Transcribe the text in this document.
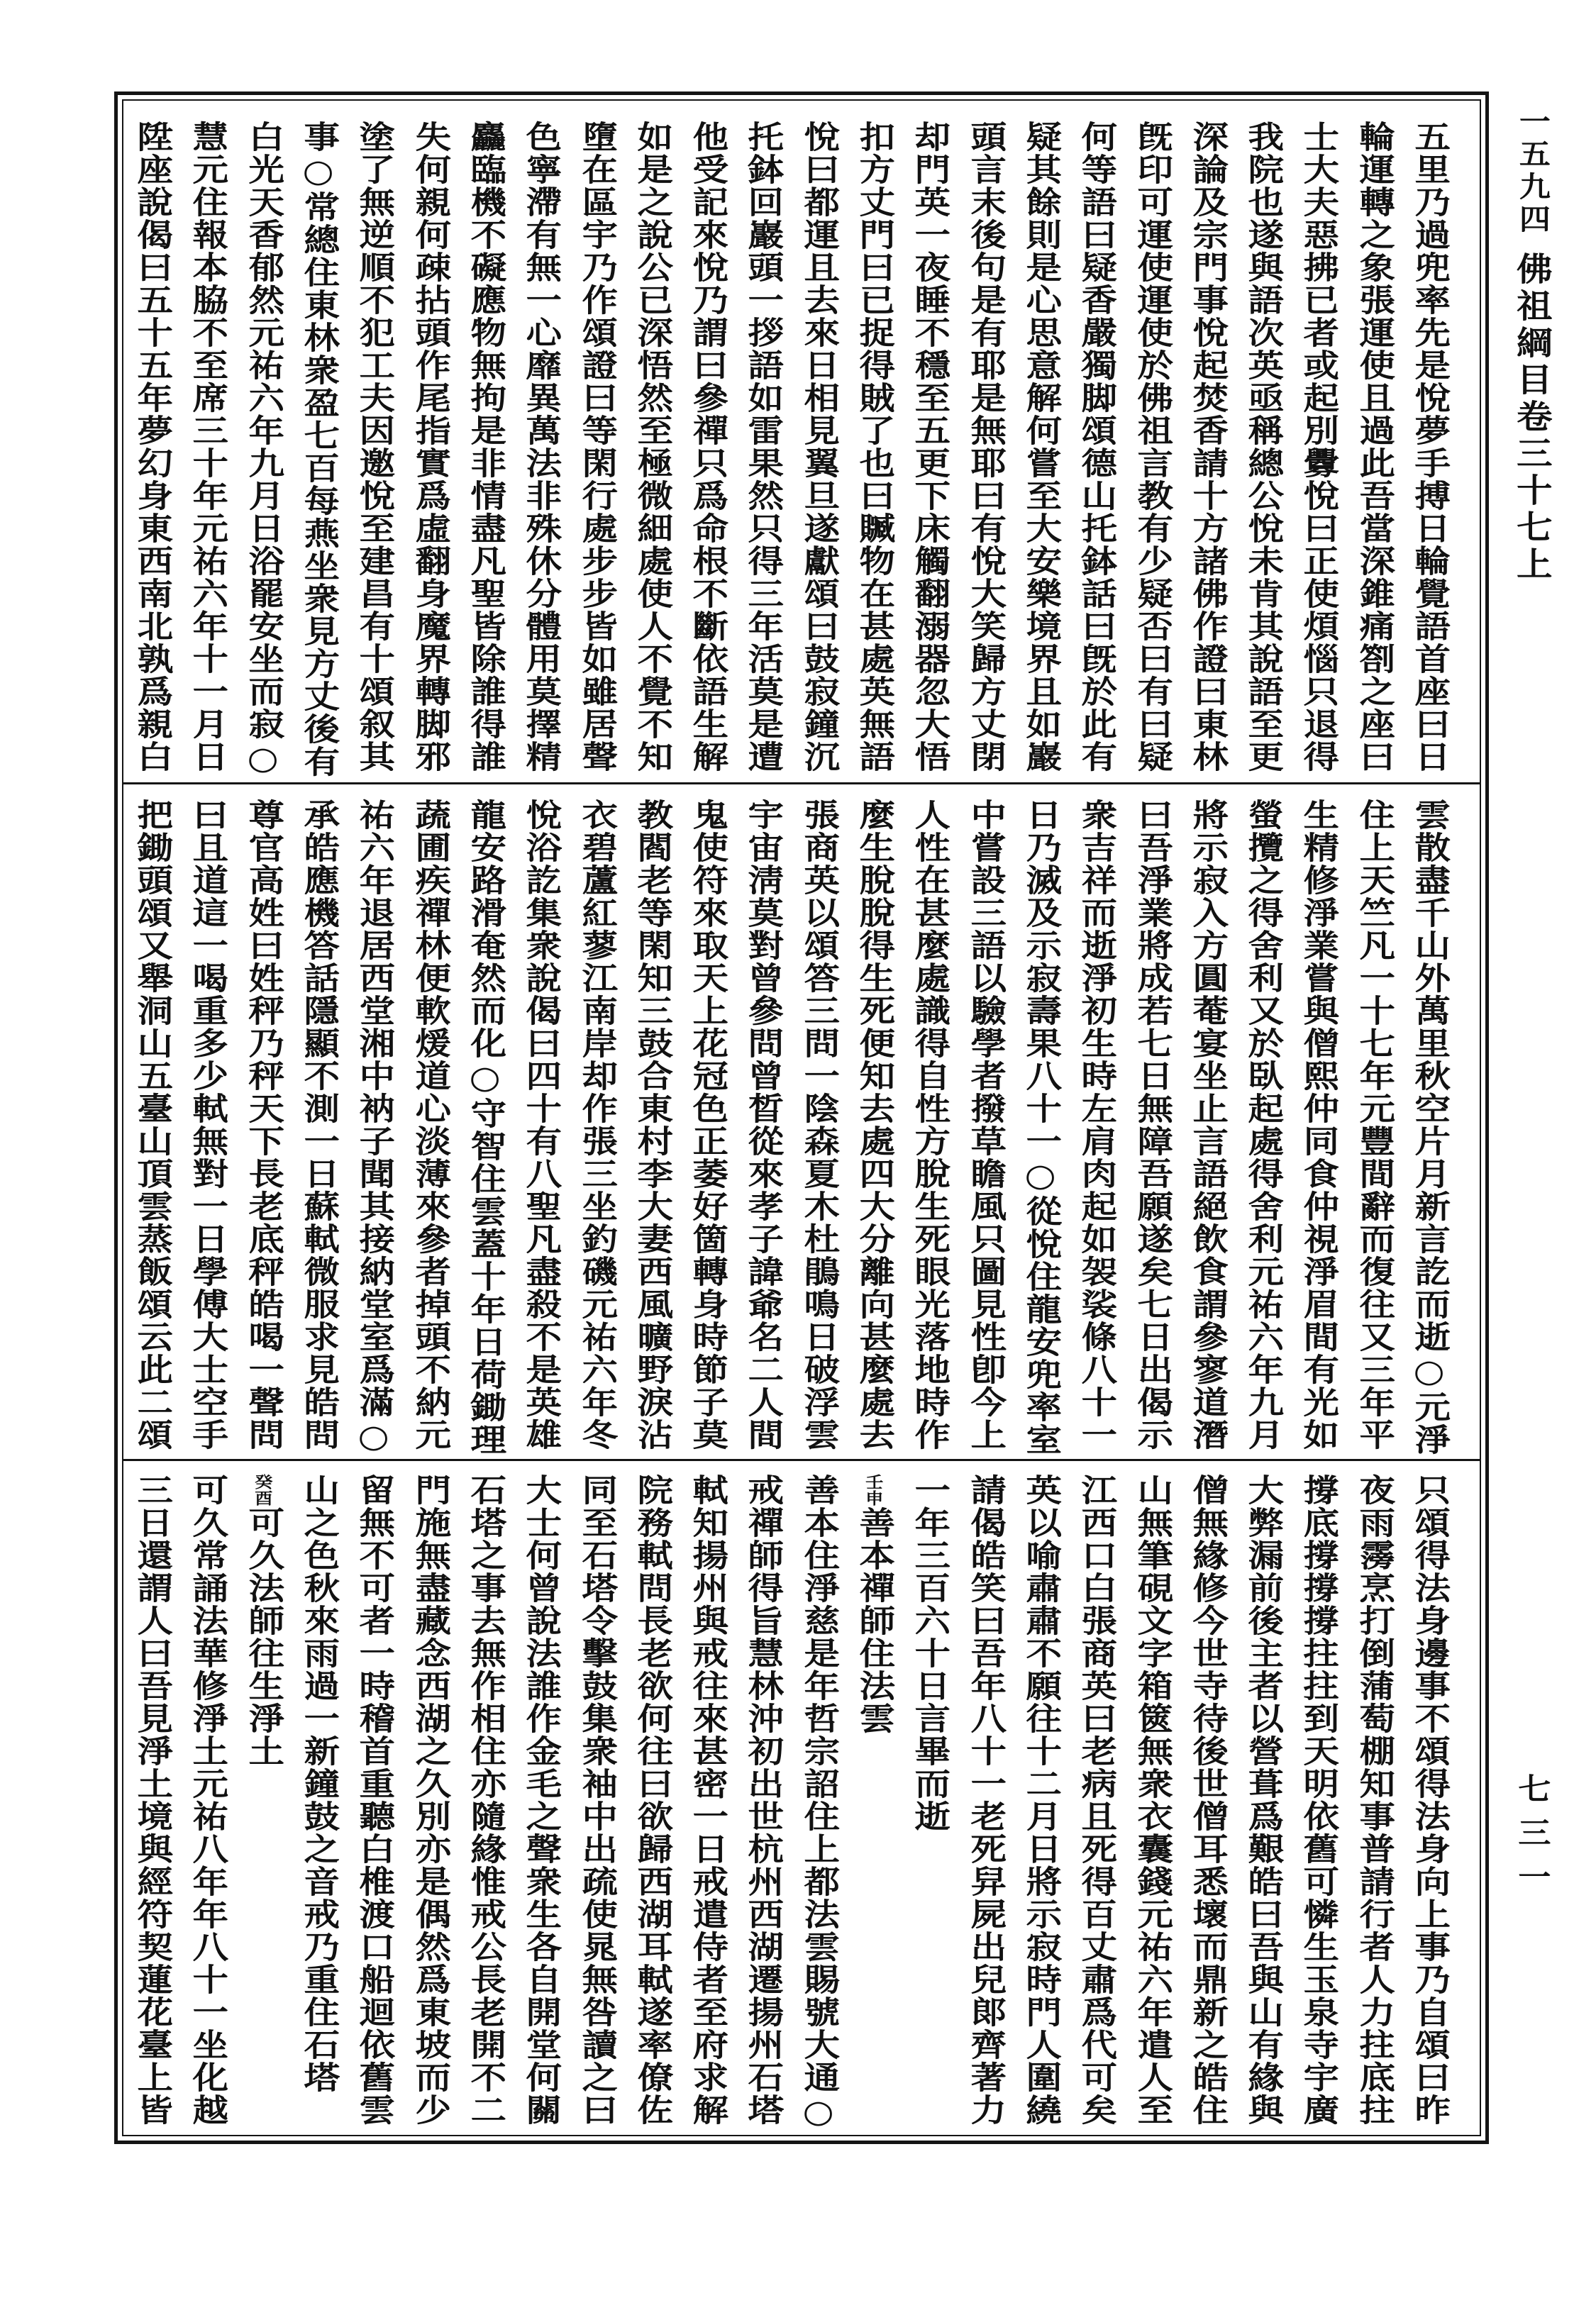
一五九四
佛祖綱目卷三十七上
七三一
五里乃過兜率先是悅夢手搏日輪覺語首座曰日
輪運轉之象張運使且過此吾當深錐痛劄之座曰
士大夫惡拂已者或起別釁悅曰正使煩惱只退得
我院也遂與語次英亟稱總公悅未肯其說語至更
深論及宗門事悅起焚香請十方諸佛作證曰東林
旣印可運使運使於佛祖言教有少疑否曰有曰疑
何等語曰疑香嚴獨脚頌德山托鉢話曰旣於此有
疑其餘則是心思意解何嘗至大安樂境界且如巖
頭言末後句是有耶是無耶曰有悅大笑歸方丈閉
却門英一夜睡不穩至五更下床觸翻溺器忽大悟
扣方丈門曰已捉得賊了也曰贓物在甚處英無語
悅曰都運且去來日相見翼旦遂獻頌曰鼓寂鐘沉
托鉢回巖頭一拶語如雷果然只得三年活莫是遭
他受記來悅乃謂曰參禪只爲命根不斷依語生解
如是之說公已深悟然至極微細處使人不覺不知
墮在區宇乃作頌證曰等閑行處步步皆如雖居聲
色寧滯有無一心靡異萬法非殊休分體用莫擇精
麤臨機不礙應物無拘是非情盡凡聖皆除誰得誰
失何親何疎拈頭作尾指實爲虛翻身魔界轉脚邪
塗了無逆順不犯工夫因邀悅至建昌有十頌叙其
事○常總住東林衆盈七百每燕坐衆見方丈後有
白光天香郁然元祐六年九月日浴罷安坐而寂○
慧元住報本脇不至席三十年元祐六年十一月日
陞座說偈曰五十五年夢幻身東西南北孰爲親白
雲散盡千山外萬里秋空片月新言訖而逝○元淨
住上天竺凡一十七年元豐間辭而復往又三年平
生精修淨業嘗與僧熙仲同食仲視淨眉間有光如
螢攬之得舍利又於臥起處得舍利元祐六年九月
將示寂入方圓菴宴坐止言語絕飲食謂參寥道潛
曰吾淨業將成若七日無障吾願遂矣七日出偈示
衆吉祥而逝淨初生時左肩肉起如袈裟條八十一
日乃滅及示寂壽果八十一○從悅住龍安兜率室
中嘗設三語以驗學者撥草瞻風只圖見性卽今上
人性在甚麼處識得自性方脫生死眼光落地時作
麼生脫脫得生死便知去處四大分離向甚麼處去
張商英以頌答三問一陰森夏木杜鵑鳴日破浮雲
宇宙淸莫對曾參問曾晳從來孝子諱爺名二人間
鬼使符來取天上花冠色正萎好箇轉身時節子莫
教閻老等閑知三鼓合東村李大妻西風曠野淚沾
衣碧蘆紅蓼江南岸却作張三坐釣磯元祐六年冬
悅浴訖集衆說偈曰四十有八聖凡盡殺不是英雄
龍安路滑奄然而化○守智住雲蓋十年日荷鋤理
蔬圃疾禪林便軟煖道心淡薄來參者掉頭不納元
祐六年退居西堂湘中衲子聞其接納堂室爲滿○
承皓應機答話隱顯不測一日蘇軾微服求見皓問
尊官高姓曰姓秤乃秤天下長老底秤皓喝一聲問
曰且道這一喝重多少軾無對一日學傅大士空手
把鋤頭頌又舉洞山五臺山頂雲蒸飯頌云此二頌
只頌得法身邊事不頌得法身向上事乃自頌曰昨
夜雨霶烹打倒蒲萄棚知事普請行者人力拄底拄
撐底撐撐撐拄拄到天明依舊可憐生玉泉寺宇廣
大弊漏前後主者以營葺爲艱皓曰吾與山有緣與
僧無緣修今世寺待後世僧耳悉壞而鼎新之皓住
山無筆硯文字箱篋無衆衣囊錢元祐六年遣人至
江西口白張商英曰老病且死得百丈肅爲代可矣
英以喻肅肅不願往十二月日將示寂時門人圍繞
請偈皓笑曰吾年八十一老死舁屍出兒郞齊著力
一年三百六十日言畢而逝
壬申善本禪師住法雲
善本住淨慈是年哲宗詔住上都法雲賜號大通○
戒禪師得旨慧林沖初出世杭州西湖遷揚州石塔
軾知揚州與戒往來甚密一日戒遣侍者至府求解
院務軾問長老欲何往曰欲歸西湖耳軾遂率僚佐
同至石塔令擊鼓集衆袖中出疏使晁無咎讀之曰
大士何曾說法誰作金毛之聲衆生各自開堂何關
石塔之事去無作相住亦隨緣惟戒公長老開不二
門施無盡藏念西湖之久別亦是偶然爲東坡而少
留無不可者一時稽首重聽白椎渡口船迴依舊雲
山之色秋來雨過一新鐘鼓之音戒乃重住石塔
癸酉可久法師往生淨土
可久常誦法華修淨土元祐八年年八十一坐化越
三日還謂人曰吾見淨土境與經符契蓮花臺上皆
